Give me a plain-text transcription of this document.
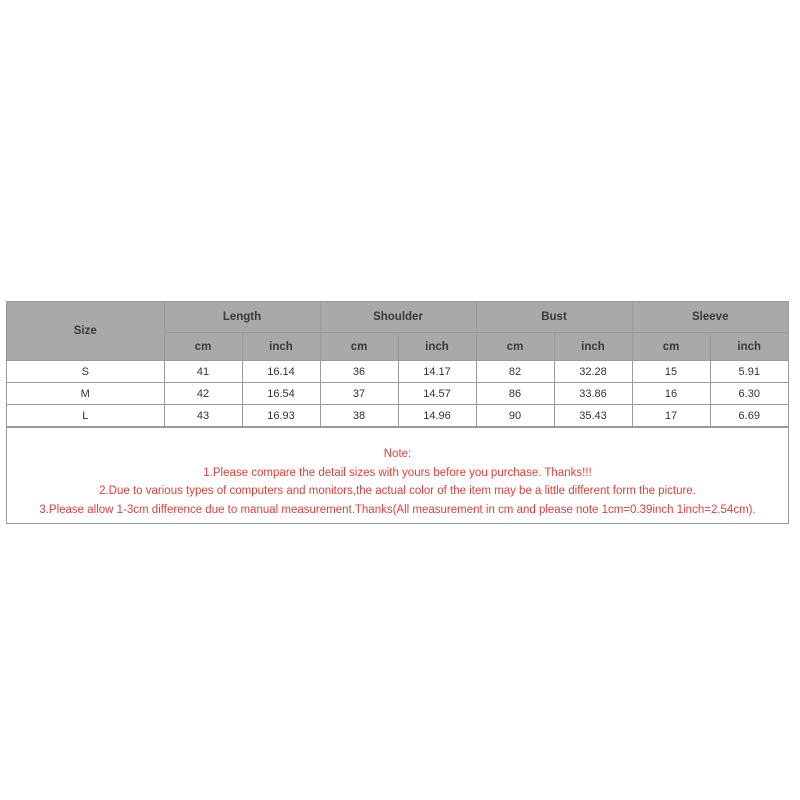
Size	Length		Shoulder		Bust		Sleeve	
	cm	inch	cm	inch	cm	inch	cm	inch
S	41	16.14	36	14.17	82	32.28	15	5.91
M	42	16.54	37	14.57	86	33.86	16	6.30
L	43	16.93	38	14.96	90	35.43	17	6.69
Note:
1.Please compare the detail sizes with yours before you purchase. Thanks!!!
2.Due to various types of computers and monitors,the actual color of the item may be a little different form the picture.
3.Please allow 1-3cm difference due to manual measurement.Thanks(All measurement in cm and please note 1cm=0.39inch 1inch=2.54cm).
